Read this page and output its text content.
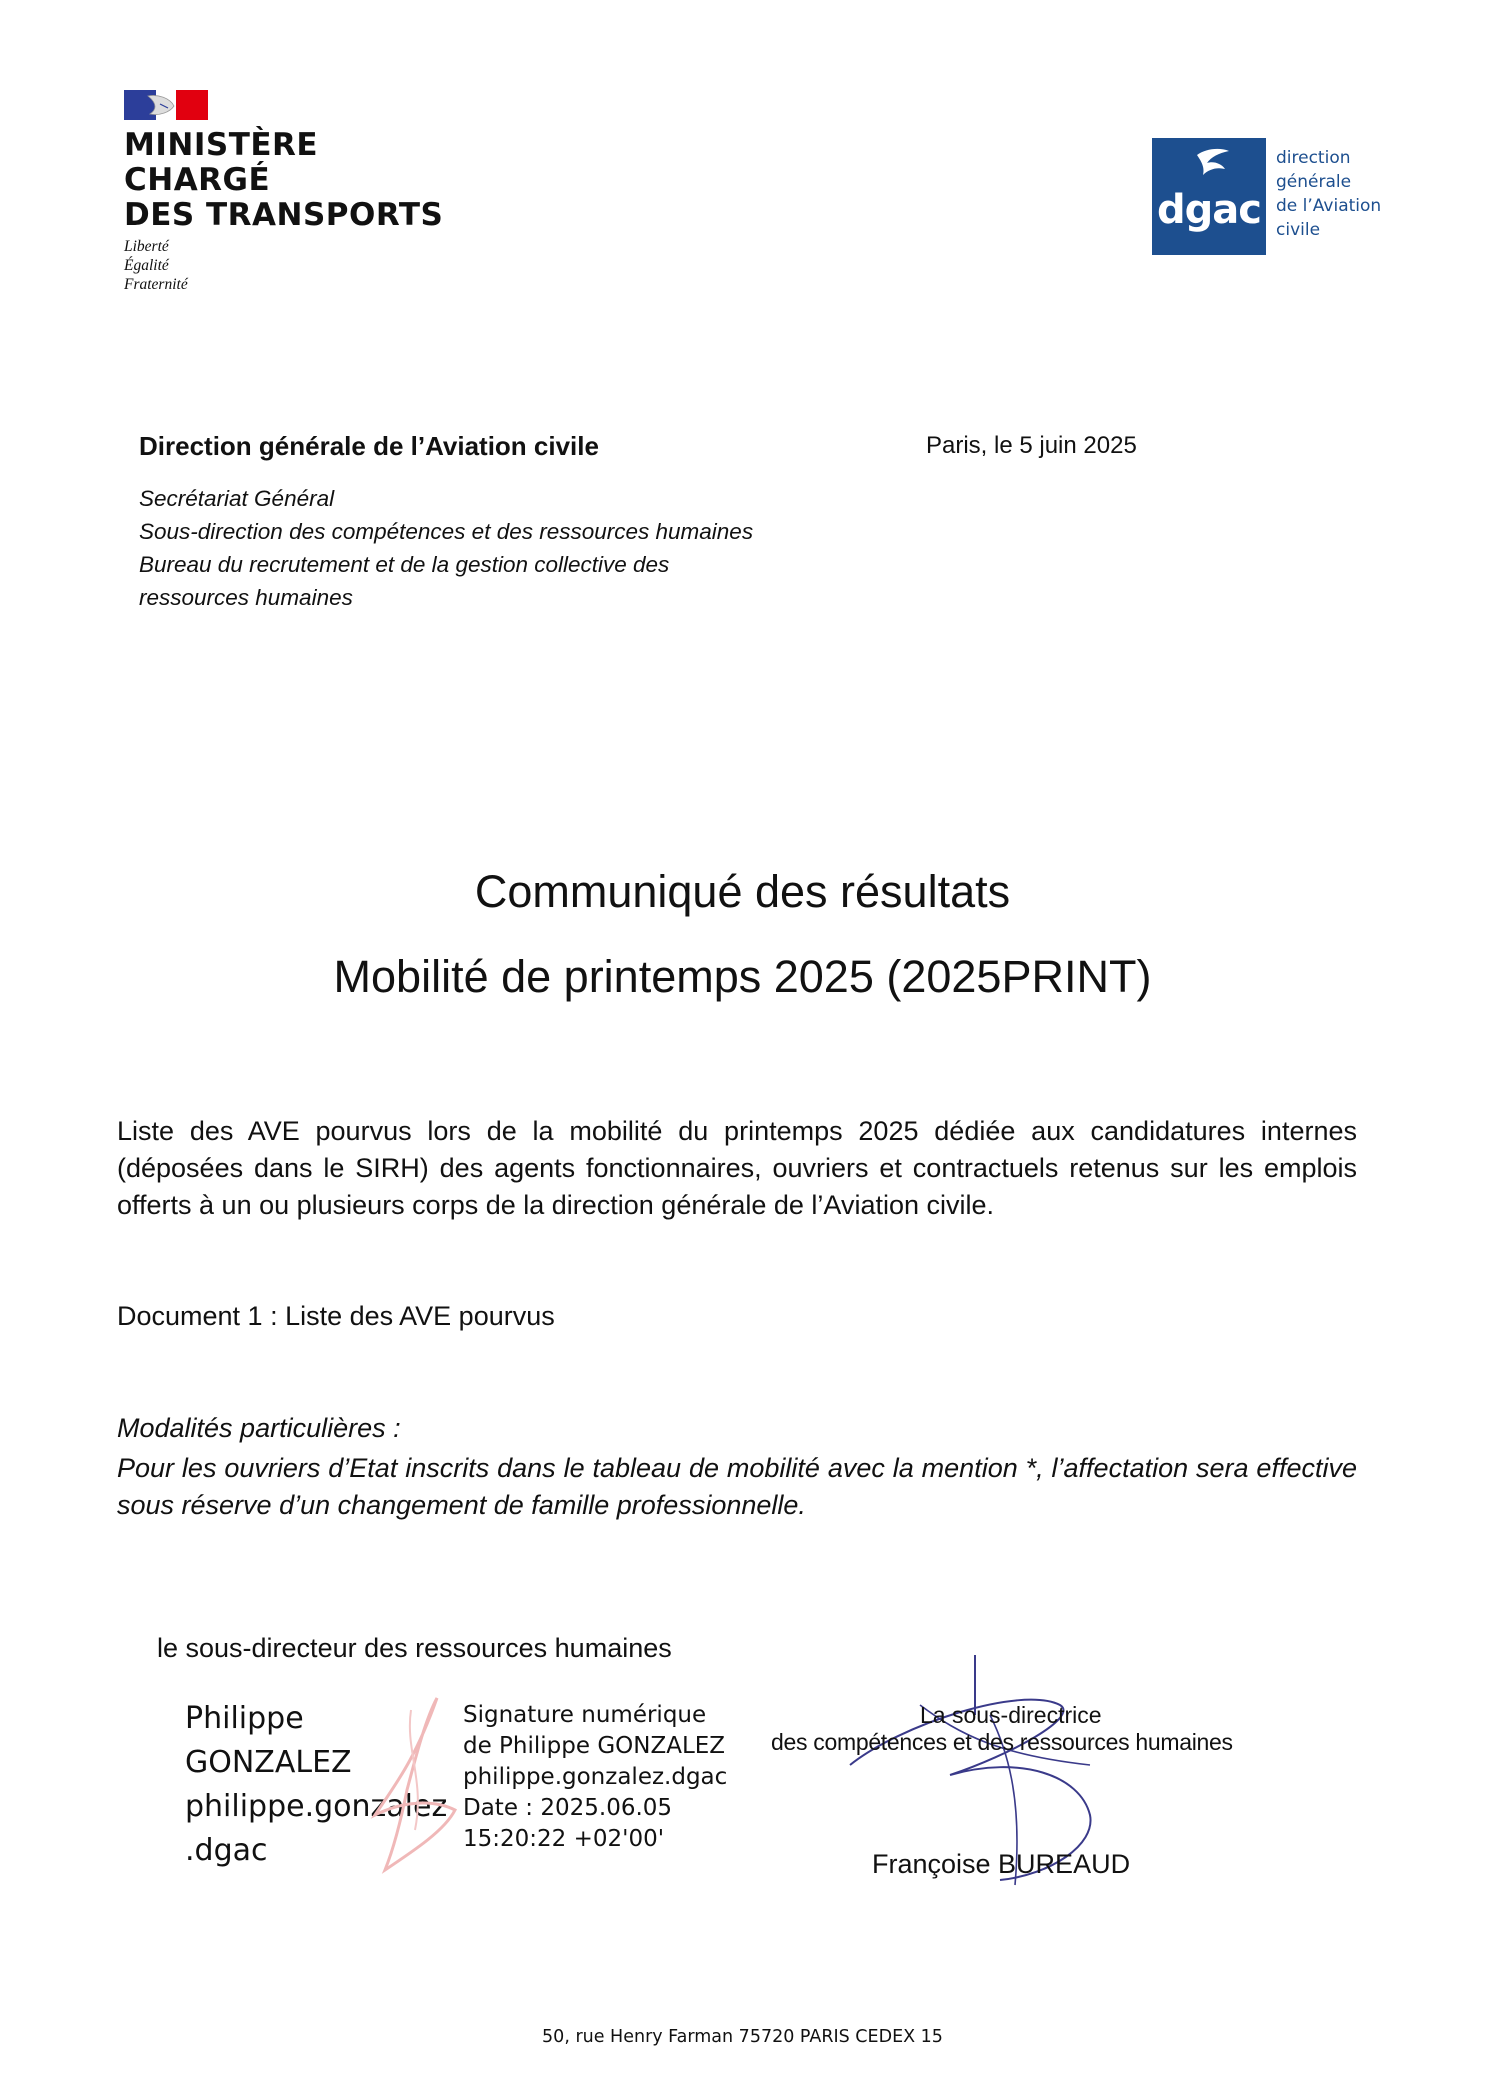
MINISTÈRE
CHARGÉ
DES TRANSPORTS
Liberté
Égalité
Fraternité
dgac
direction
générale
de l’Aviation
civile
Direction générale de l’Aviation civile	Paris, le 5 juin 2025
Secrétariat Général
Sous-direction des compétences et des ressources humaines
Bureau du recrutement et de la gestion collective des
ressources humaines
Communiqué des résultats
Mobilité de printemps 2025 (2025PRINT)
Liste des AVE pourvus lors de la mobilité du printemps 2025 dédiée aux candidatures internes (déposées dans le SIRH) des agents fonctionnaires, ouvriers et contractuels retenus sur les emplois offerts à un ou plusieurs corps de la direction générale de l’Aviation civile.
Document 1 : Liste des AVE pourvus
Modalités particulières :
Pour les ouvriers d’Etat inscrits dans le tableau de mobilité avec la mention *, l’affectation sera effective sous réserve d’un changement de famille professionnelle.
le sous-directeur des ressources humaines
Philippe
GONZALEZ
philippe.gonzalez
.dgac
Signature numérique
de Philippe GONZALEZ
philippe.gonzalez.dgac
Date : 2025.06.05
15:20:22 +02'00'
La sous-directrice
des compétences et des ressources humaines
Françoise BUREAUD
50, rue Henry Farman 75720 PARIS CEDEX 15
